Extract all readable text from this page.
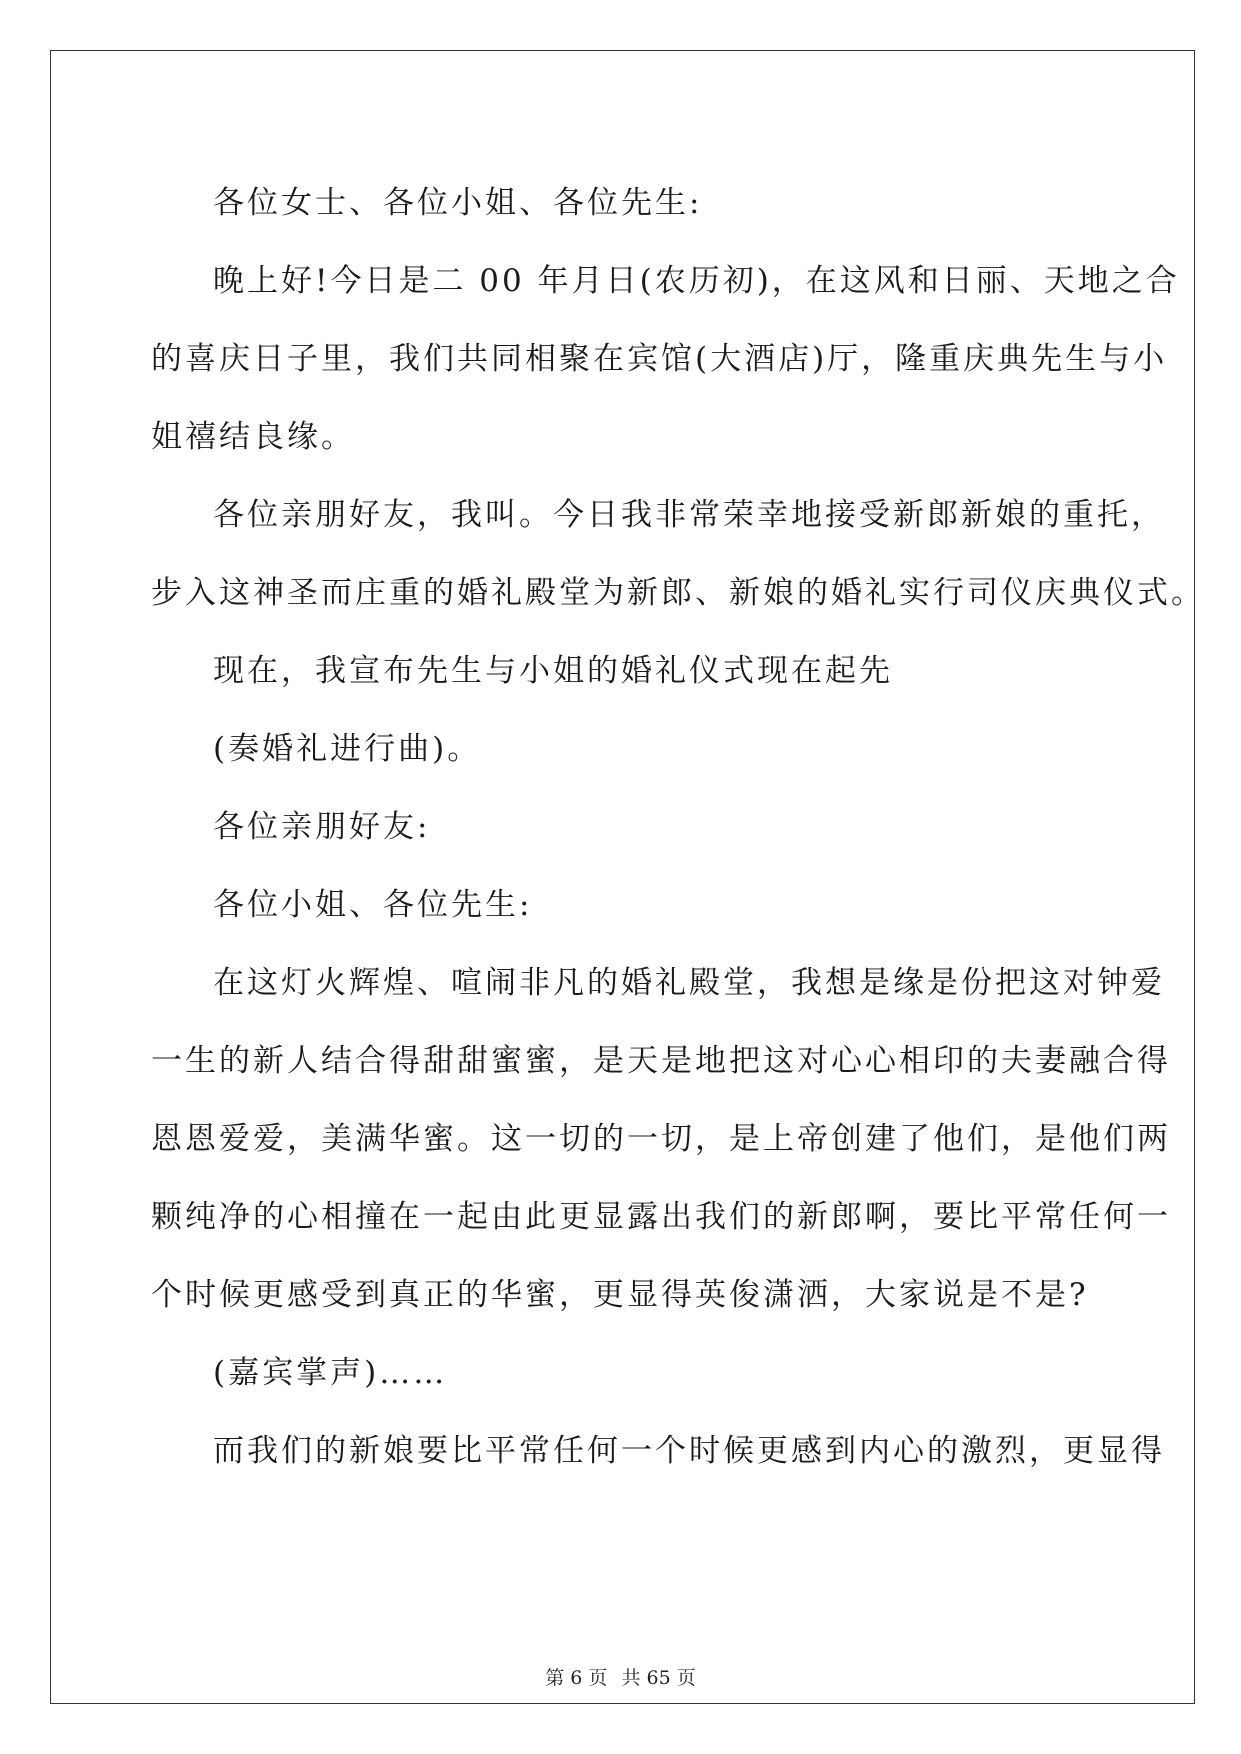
各位女士、各位小姐、各位先生:

晚上好!今日是二 00 年月日(农历初)，在这风和日丽、天地之合

的喜庆日子里，我们共同相聚在宾馆(大酒店)厅，隆重庆典先生与小

姐禧结良缘。

各位亲朋好友，我叫。今日我非常荣幸地接受新郎新娘的重托，

步入这神圣而庄重的婚礼殿堂为新郎、新娘的婚礼实行司仪庆典仪式。

现在，我宣布先生与小姐的婚礼仪式现在起先

(奏婚礼进行曲)。

各位亲朋好友:

各位小姐、各位先生:

在这灯火辉煌、喧闹非凡的婚礼殿堂，我想是缘是份把这对钟爱

一生的新人结合得甜甜蜜蜜，是天是地把这对心心相印的夫妻融合得

恩恩爱爱，美满华蜜。这一切的一切，是上帝创建了他们，是他们两

颗纯净的心相撞在一起由此更显露出我们的新郎啊，要比平常任何一

个时候更感受到真正的华蜜，更显得英俊潇洒，大家说是不是?

(嘉宾掌声)……

而我们的新娘要比平常任何一个时候更感到内心的激烈，更显得

第 6 页 共 65 页
